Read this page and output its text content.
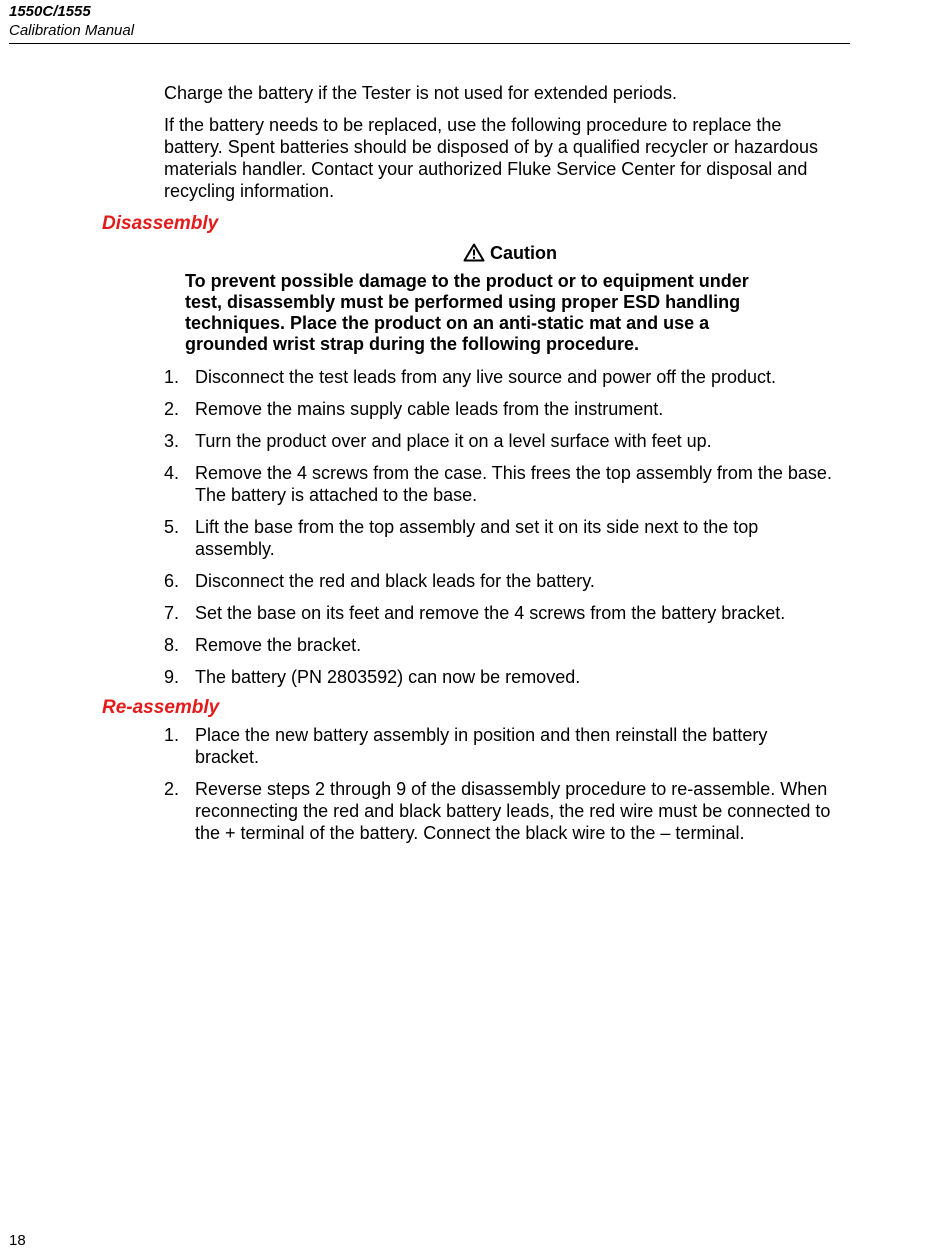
1550C/1555
Calibration Manual
Charge the battery if the Tester is not used for extended periods.
If the battery needs to be replaced, use the following procedure to replace the battery. Spent batteries should be disposed of by a qualified recycler or hazardous materials handler. Contact your authorized Fluke Service Center for disposal and recycling information.
Disassembly
Caution
To prevent possible damage to the product or to equipment under test, disassembly must be performed using proper ESD handling techniques. Place the product on an anti-static mat and use a grounded wrist strap during the following procedure.
1. Disconnect the test leads from any live source and power off the product.
2. Remove the mains supply cable leads from the instrument.
3. Turn the product over and place it on a level surface with feet up.
4. Remove the 4 screws from the case. This frees the top assembly from the base. The battery is attached to the base.
5. Lift the base from the top assembly and set it on its side next to the top assembly.
6. Disconnect the red and black leads for the battery.
7. Set the base on its feet and remove the 4 screws from the battery bracket.
8. Remove the bracket.
9. The battery (PN 2803592) can now be removed.
Re-assembly
1. Place the new battery assembly in position and then reinstall the battery bracket.
2. Reverse steps 2 through 9 of the disassembly procedure to re-assemble. When reconnecting the red and black battery leads, the red wire must be connected to the + terminal of the battery. Connect the black wire to the – terminal.
18
